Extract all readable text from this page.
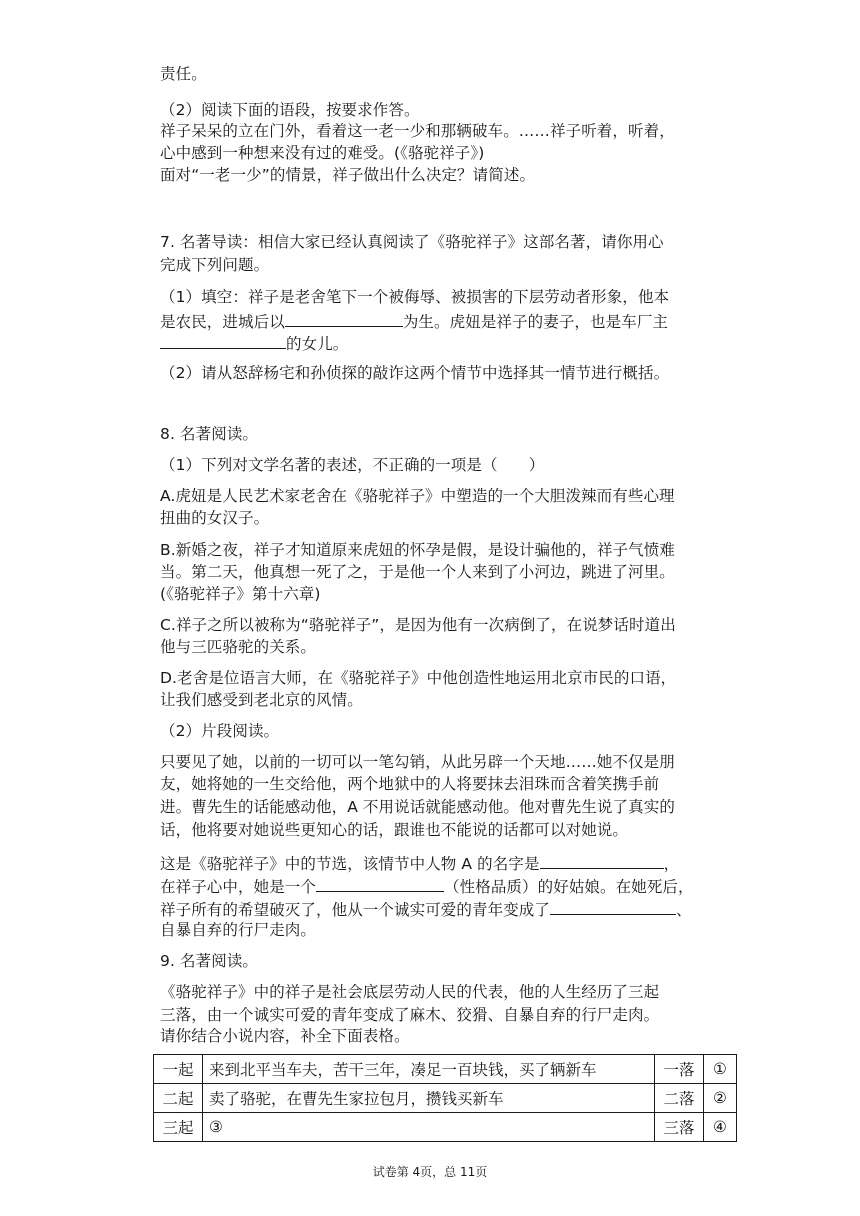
责任。
（2）阅读下面的语段，按要求作答。
祥子呆呆的立在门外，看着这一老一少和那辆破车。……祥子听着，听着，
心中感到一种想来没有过的难受。(《骆驼祥子》)
面对“一老一少”的情景，祥子做出什么决定？请简述。
7. 名著导读：相信大家已经认真阅读了《骆驼祥子》这部名著，请你用心
完成下列问题。
（1）填空：祥子是老舍笔下一个被侮辱、被损害的下层劳动者形象，他本
是农民，进城后以	为生。虎妞是祥子的妻子，也是车厂主
的女儿。
（2）请从怒辞杨宅和孙侦探的敲诈这两个情节中选择其一情节进行概括。
8. 名著阅读。
（1）下列对文学名著的表述，不正确的一项是（　　）
A.虎妞是人民艺术家老舍在《骆驼祥子》中塑造的一个大胆泼辣而有些心理
扭曲的女汉子。
B.新婚之夜，祥子才知道原来虎妞的怀孕是假，是设计骗他的，祥子气愤难
当。第二天，他真想一死了之，于是他一个人来到了小河边，跳进了河里。
(《骆驼祥子》第十六章)
C.祥子之所以被称为“骆驼祥子”，是因为他有一次病倒了，在说梦话时道出
他与三匹骆驼的关系。
D.老舍是位语言大师，在《骆驼祥子》中他创造性地运用北京市民的口语，
让我们感受到老北京的风情。
（2）片段阅读。
只要见了她，以前的一切可以一笔勾销，从此另辟一个天地……她不仅是朋
友，她将她的一生交给他，两个地狱中的人将要抹去泪珠而含着笑携手前
进。曹先生的话能感动他，A 不用说话就能感动他。他对曹先生说了真实的
话，他将要对她说些更知心的话，跟谁也不能说的话都可以对她说。
这是《骆驼祥子》中的节选，该情节中人物 A 的名字是	，
在祥子心中，她是一个	（性格品质）的好姑娘。在她死后，
祥子所有的希望破灭了，他从一个诚实可爱的青年变成了	、
自暴自弃的行尸走肉。
9. 名著阅读。
《骆驼祥子》中的祥子是社会底层劳动人民的代表，他的人生经历了三起
三落，由一个诚实可爱的青年变成了麻木、狡猾、自暴自弃的行尸走肉。
请你结合小说内容，补全下面表格。
一起	来到北平当车夫，苦干三年，凑足一百块钱，买了辆新车	一落	①
二起	卖了骆驼，在曹先生家拉包月，攒钱买新车	二落	②
三起	③	三落	④
试卷第 4页，总 11页
